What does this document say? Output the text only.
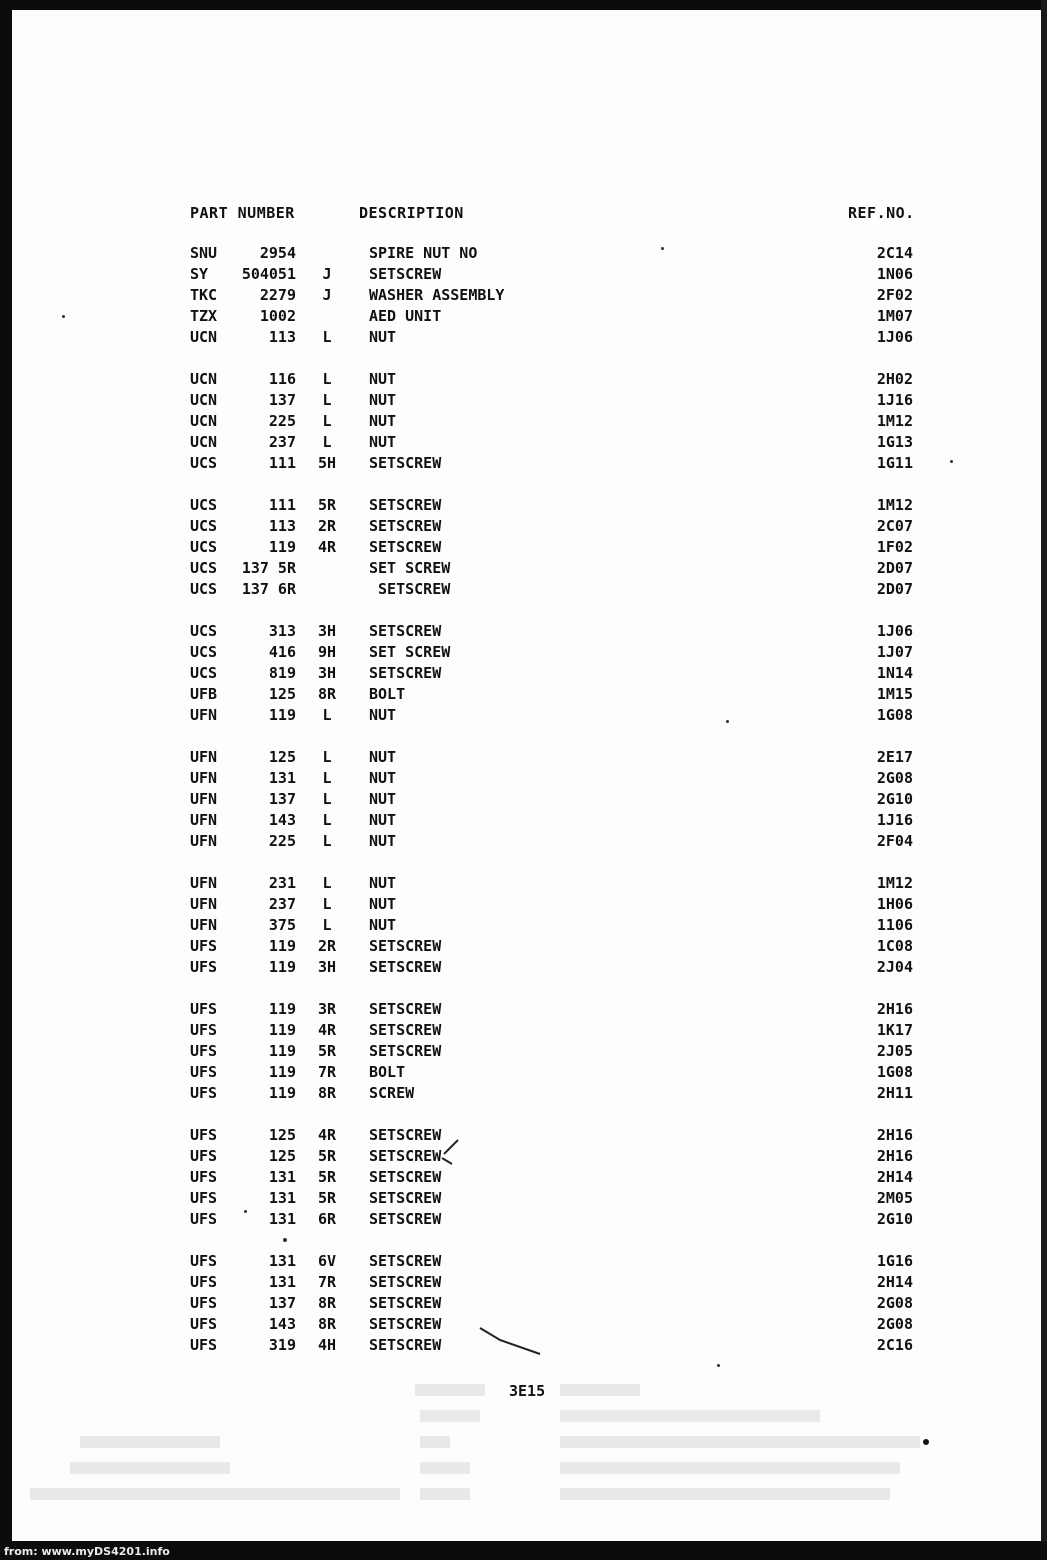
PART NUMBER	DESCRIPTION	REF.NO.
SNU	2954	SPIRE NUT NO	2C14
SY	504051	J	SETSCREW	1N06
TKC	2279	J	WASHER ASSEMBLY	2F02
TZX	1002	AED UNIT	1M07
UCN	113	L	NUT	1J06
UCN	116	L	NUT	2H02
UCN	137	L	NUT	1J16
UCN	225	L	NUT	1M12
UCN	237	L	NUT	1G13
UCS	111 5H SETSCREW	1G11
UCS	111 5R SETSCREW	1M12
UCS	113 2R SETSCREW	2C07
UCS	119 4R SETSCREW	1F02
UCS	137 5R	SET SCREW	2D07
UCS	137 6R	SETSCREW	2D07
UCS	313 3H SETSCREW	1J06
UCS	416 9H SET SCREW	1J07
UCS	819 3H SETSCREW	1N14
UFB	125 8R BOLT	1M15
UFN	119	L	NUT	1G08
UFN	125	L	NUT	2E17
UFN	131	L	NUT	2G08
UFN	137	L	NUT	2G10
UFN	143	L	NUT	1J16
UFN	225	L	NUT	2F04
UFN	231	L	NUT	1M12
UFN	237	L	NUT	1H06
UFN	375	L	NUT	1106
UFS	119 2R SETSCREW	1C08
UFS	119 3H SETSCREW	2J04
UFS	119 3R SETSCREW	2H16
UFS	119 4R SETSCREW	1K17
UFS	119 5R SETSCREW	2J05
UFS	119 7R BOLT	1G08
UFS	119 8R SCREW	2H11
UFS	125 4R SETSCREW	2H16
UFS	125 5R SETSCREW	2H16
UFS	131 5R SETSCREW	2H14
UFS	131 5R SETSCREW	2M05
UFS	131 6R SETSCREW	2G10
UFS	131 6V SETSCREW	1G16
UFS	131 7R SETSCREW	2H14
UFS	137 8R SETSCREW	2G08
UFS	143 8R SETSCREW	2G08
UFS	319 4H SETSCREW	2C16
3E15
from: www.myDS4201.info
